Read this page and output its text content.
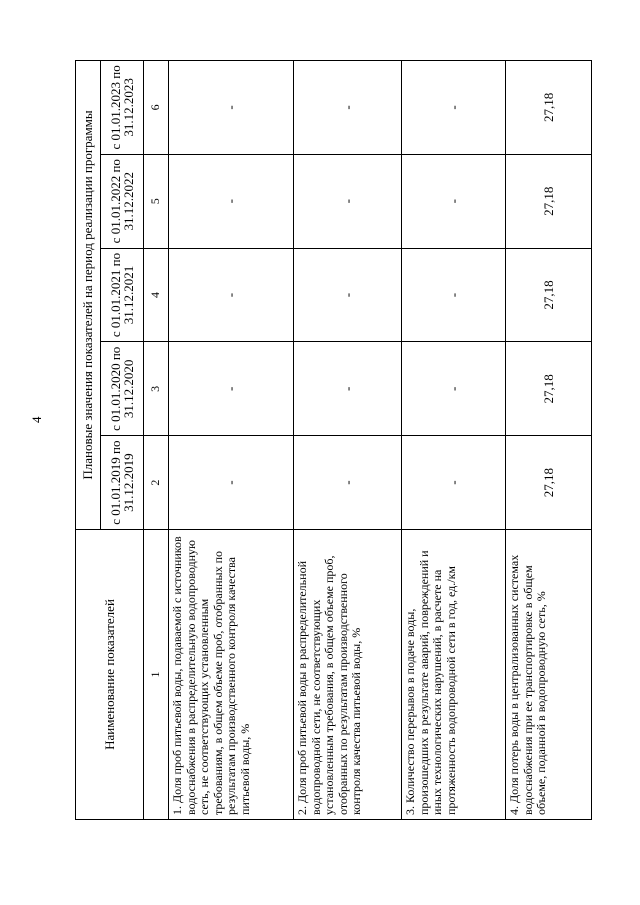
4
Наименование показателей	Плановые значения показателей на период реализации программы				
	с 01.01.2019 по 31.12.2019	с 01.01.2020 по 31.12.2020	с 01.01.2021 по 31.12.2021	с 01.01.2022 по 31.12.2022	с 01.01.2023 по 31.12.2023
1	2	3	4	5	6
1. Доля проб питьевой воды, подаваемой с источников водоснабжения в распределительную водопроводную сеть, не соответствующих установленным требованиям, в общем объеме проб, отобранных по результатам производственного контроля качества питьевой воды, %	-	-	-	-	-
2. Доля проб питьевой воды в распределительной водопроводной сети, не соответствующих установленным требования, в общем объеме проб, отобранных по результатам производственного контроля качества питьевой воды, %	-	-	-	-	-
3. Количество перерывов в подаче воды, произошедших в результате аварий, повреждений и иных технологических нарушений, в расчете на протяженность водопроводной сети в год, ед./км	-	-	-	-	-
4. Доля потерь воды в централизованных системах водоснабжения при ее транспортировке в общем объеме, поданной в водопроводную сеть, %	27,18	27,18	27,18	27,18	27,18
